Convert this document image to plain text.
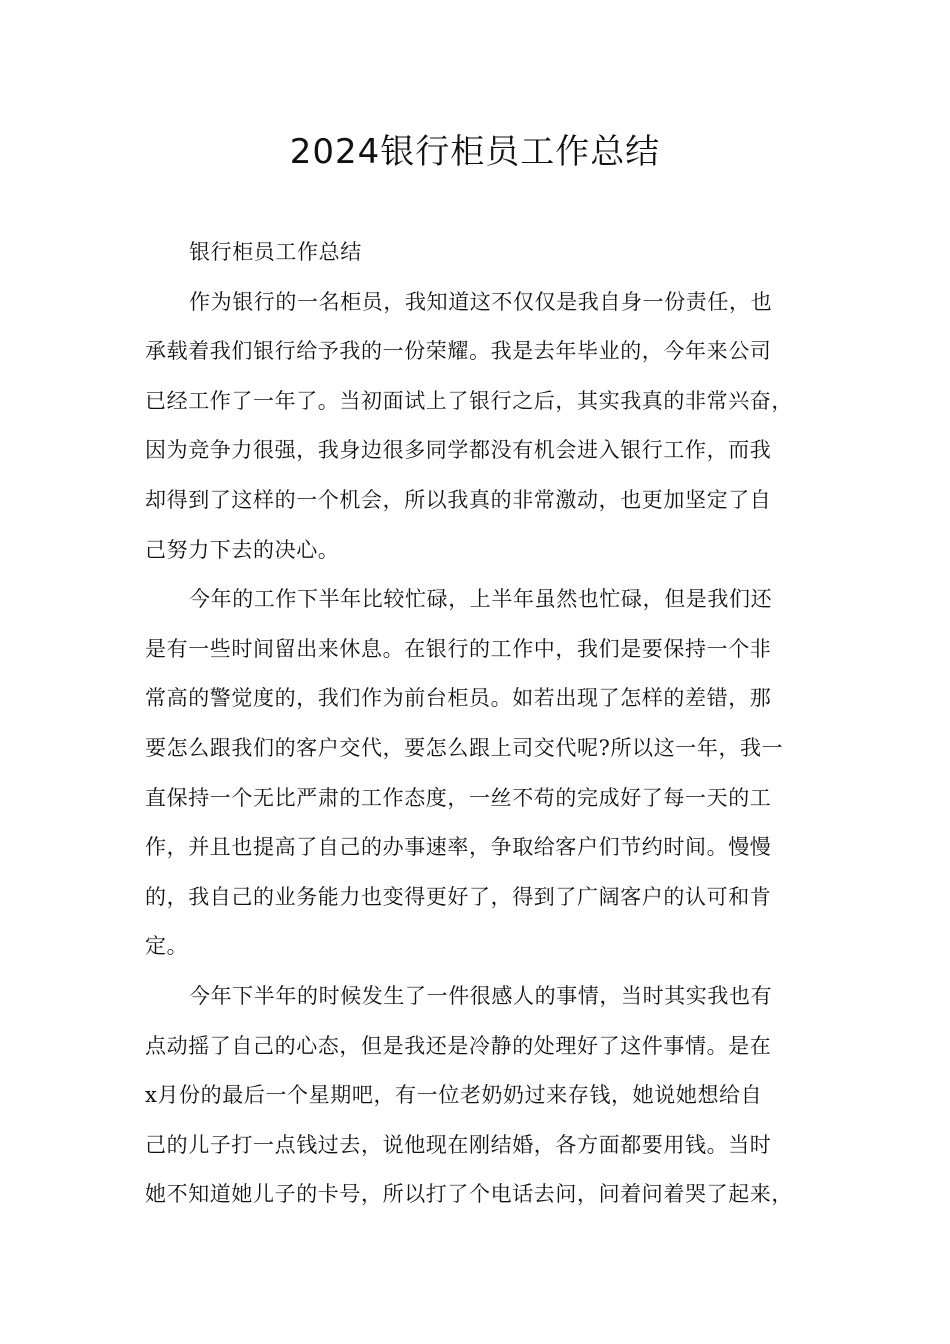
2024银行柜员工作总结
银行柜员工作总结
作为银行的一名柜员，我知道这不仅仅是我自身一份责任，也
承载着我们银行给予我的一份荣耀。我是去年毕业的，今年来公司
已经工作了一年了。当初面试上了银行之后，其实我真的非常兴奋，
因为竞争力很强，我身边很多同学都没有机会进入银行工作，而我
却得到了这样的一个机会，所以我真的非常激动，也更加坚定了自
己努力下去的决心。
今年的工作下半年比较忙碌，上半年虽然也忙碌，但是我们还
是有一些时间留出来休息。在银行的工作中，我们是要保持一个非
常高的警觉度的，我们作为前台柜员。如若出现了怎样的差错，那
要怎么跟我们的客户交代，要怎么跟上司交代呢?所以这一年，我一
直保持一个无比严肃的工作态度，一丝不苟的完成好了每一天的工
作，并且也提高了自己的办事速率，争取给客户们节约时间。慢慢
的，我自己的业务能力也变得更好了，得到了广阔客户的认可和肯
定。
今年下半年的时候发生了一件很感人的事情，当时其实我也有
点动摇了自己的心态，但是我还是冷静的处理好了这件事情。是在
x月份的最后一个星期吧，有一位老奶奶过来存钱，她说她想给自
己的儿子打一点钱过去，说他现在刚结婚，各方面都要用钱。当时
她不知道她儿子的卡号，所以打了个电话去问，问着问着哭了起来，
